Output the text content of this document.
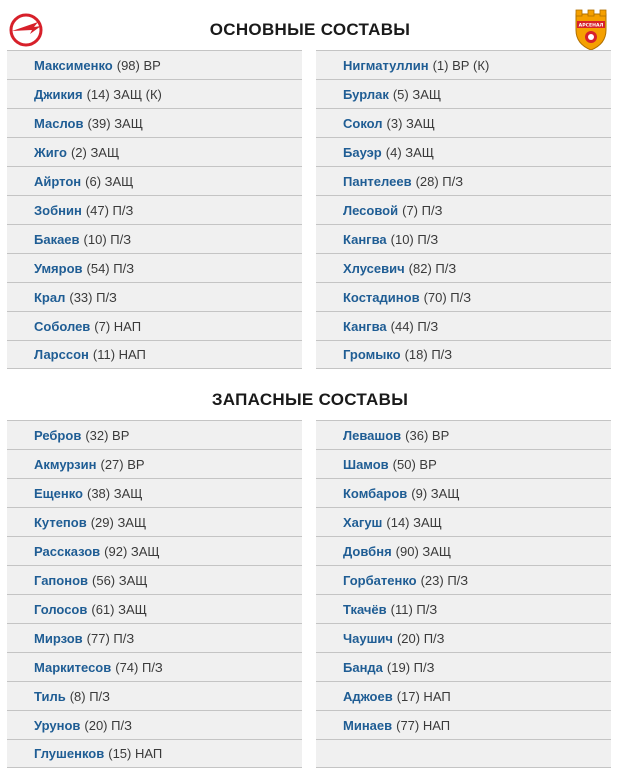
ОСНОВНЫЕ СОСТАВЫ	АРСЕНАЛ
Максименко (98) ВР
Джикия (14) ЗАЩ (К)
Маслов (39) ЗАЩ
Жиго (2) ЗАЩ
Айртон (6) ЗАЩ
Зобнин (47) П/З
Бакаев (10) П/З
Умяров (54) П/З
Крал (33) П/З
Соболев (7) НАП
Ларссон (11) НАП
Нигматуллин (1) ВР (К)
Бурлак (5) ЗАЩ
Сокол (3) ЗАЩ
Бауэр (4) ЗАЩ
Пантелеев (28) П/З
Лесовой (7) П/З
Кангва (10) П/З
Хлусевич (82) П/З
Костадинов (70) П/З
Кангва (44) П/З
Громыко (18) П/З
ЗАПАСНЫЕ СОСТАВЫ
Ребров (32) ВР
Акмурзин (27) ВР
Ещенко (38) ЗАЩ
Кутепов (29) ЗАЩ
Рассказов (92) ЗАЩ
Гапонов (56) ЗАЩ
Голосов (61) ЗАЩ
Мирзов (77) П/З
Маркитесов (74) П/З
Тиль (8) П/З
Урунов (20) П/З
Глушенков (15) НАП
Левашов (36) ВР
Шамов (50) ВР
Комбаров (9) ЗАЩ
Хагуш (14) ЗАЩ
Довбня (90) ЗАЩ
Горбатенко (23) П/З
Ткачёв (11) П/З
Чаушич (20) П/З
Банда (19) П/З
Аджоев (17) НАП
Минаев (77) НАП
